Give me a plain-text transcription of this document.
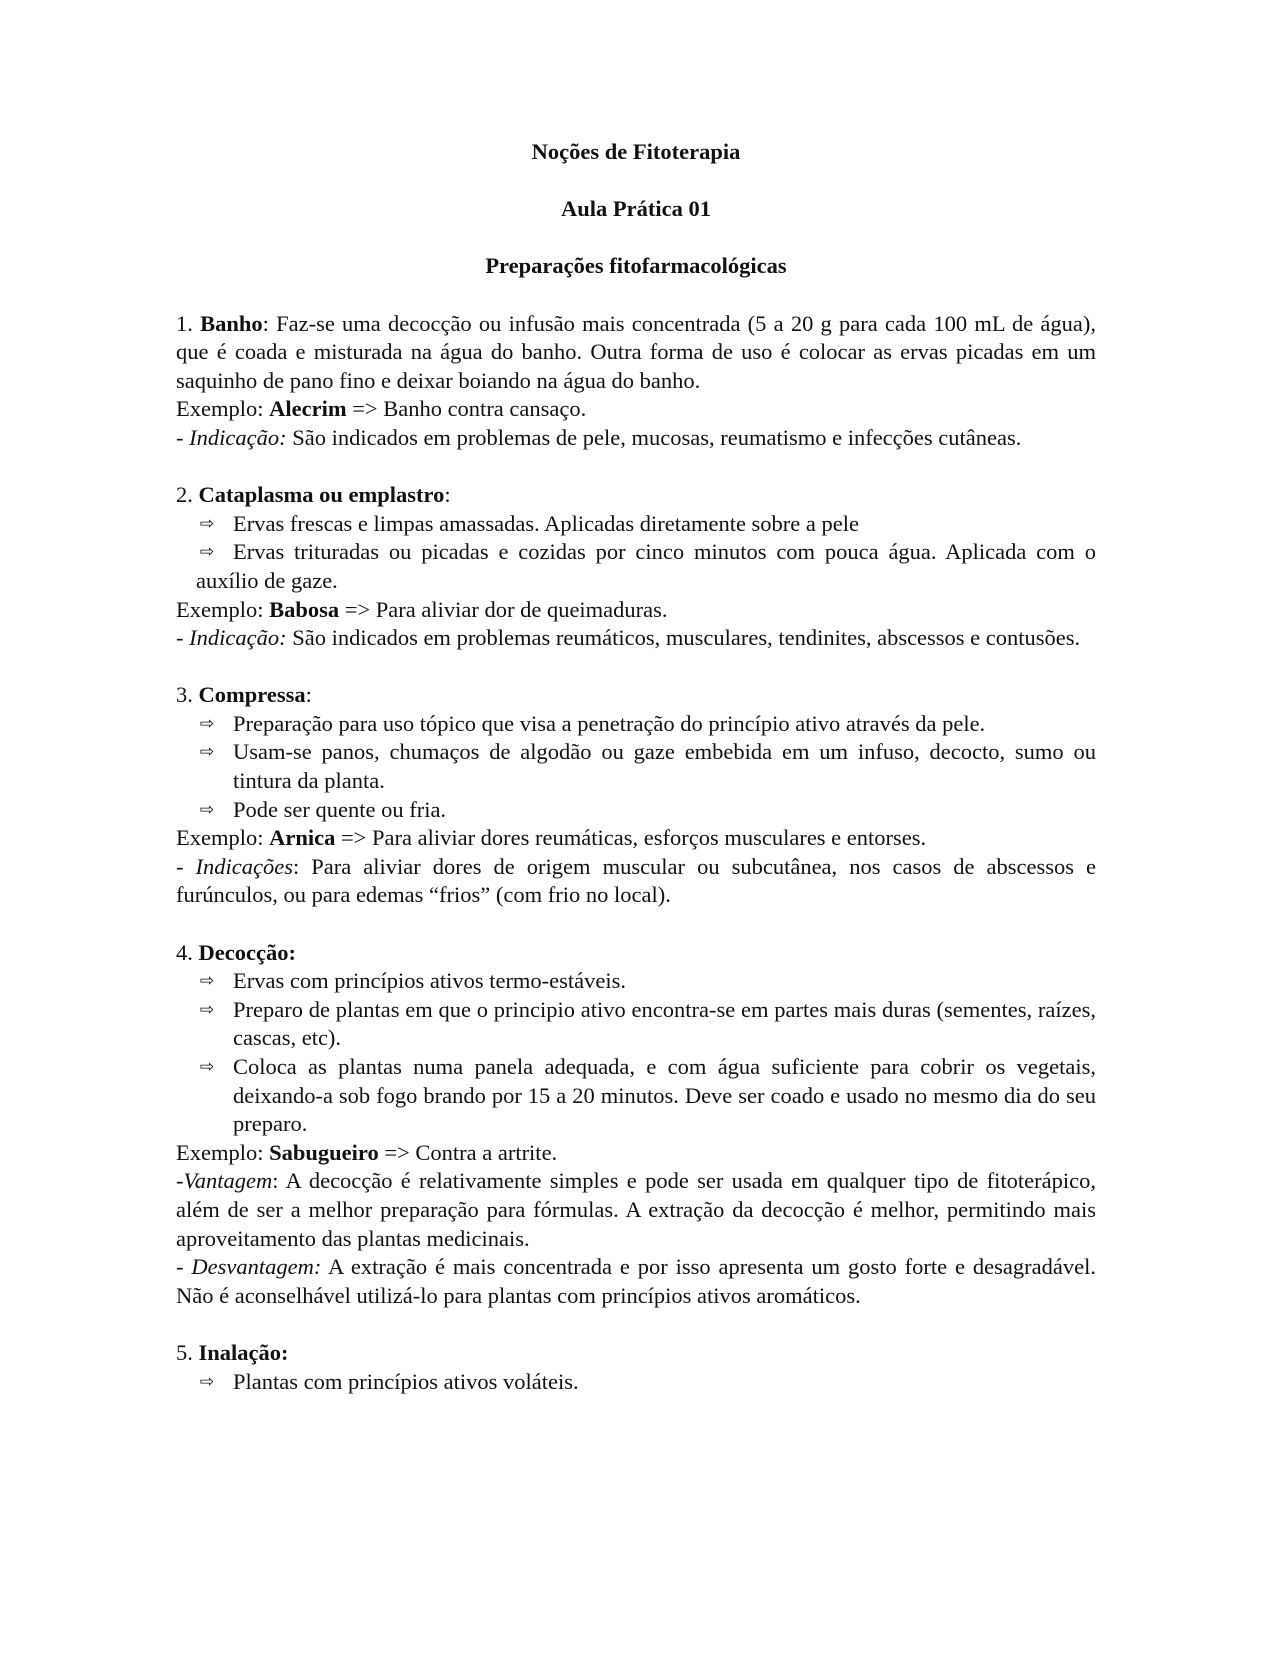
Noções de Fitoterapia

Aula Prática 01

Preparações fitofarmacológicas

1. Banho: Faz-se uma decocção ou infusão mais concentrada (5 a 20 g para cada 100 mL de água), que é coada e misturada na água do banho. Outra forma de uso é colocar as ervas picadas em um saquinho de pano fino e deixar boiando na água do banho.

Exemplo: Alecrim => Banho contra cansaço.

- Indicação: São indicados em problemas de pele, mucosas, reumatismo e infecções cutâneas.

2. Cataplasma ou emplastro:

⇨ Ervas frescas e limpas amassadas. Aplicadas diretamente sobre a pele
⇨ Ervas trituradas ou picadas e cozidas por cinco minutos com pouca água. Aplicada com o auxílio de gaze.

Exemplo: Babosa => Para aliviar dor de queimaduras.

- Indicação: São indicados em problemas reumáticos, musculares, tendinites, abscessos e contusões.

3. Compressa:

⇨ Preparação para uso tópico que visa a penetração do princípio ativo através da pele.
⇨ Usam-se panos, chumaços de algodão ou gaze embebida em um infuso, decocto, sumo ou tintura da planta.
⇨ Pode ser quente ou fria.

Exemplo: Arnica => Para aliviar dores reumáticas, esforços musculares e entorses.

- Indicações: Para aliviar dores de origem muscular ou subcutânea, nos casos de abscessos e furúnculos, ou para edemas “frios” (com frio no local).

4. Decocção:

⇨ Ervas com princípios ativos termo-estáveis.
⇨ Preparo de plantas em que o principio ativo encontra-se em partes mais duras (sementes, raízes, cascas, etc).
⇨ Coloca as plantas numa panela adequada, e com água suficiente para cobrir os vegetais, deixando-a sob fogo brando por 15 a 20 minutos. Deve ser coado e usado no mesmo dia do seu preparo.

Exemplo: Sabugueiro => Contra a artrite.

-Vantagem: A decocção é relativamente simples e pode ser usada em qualquer tipo de fitoterápico, além de ser a melhor preparação para fórmulas. A extração da decocção é melhor, permitindo mais aproveitamento das plantas medicinais.

- Desvantagem: A extração é mais concentrada e por isso apresenta um gosto forte e desagradável. Não é aconselhável utilizá-lo para plantas com princípios ativos aromáticos.

5. Inalação:

⇨ Plantas com princípios ativos voláteis.
